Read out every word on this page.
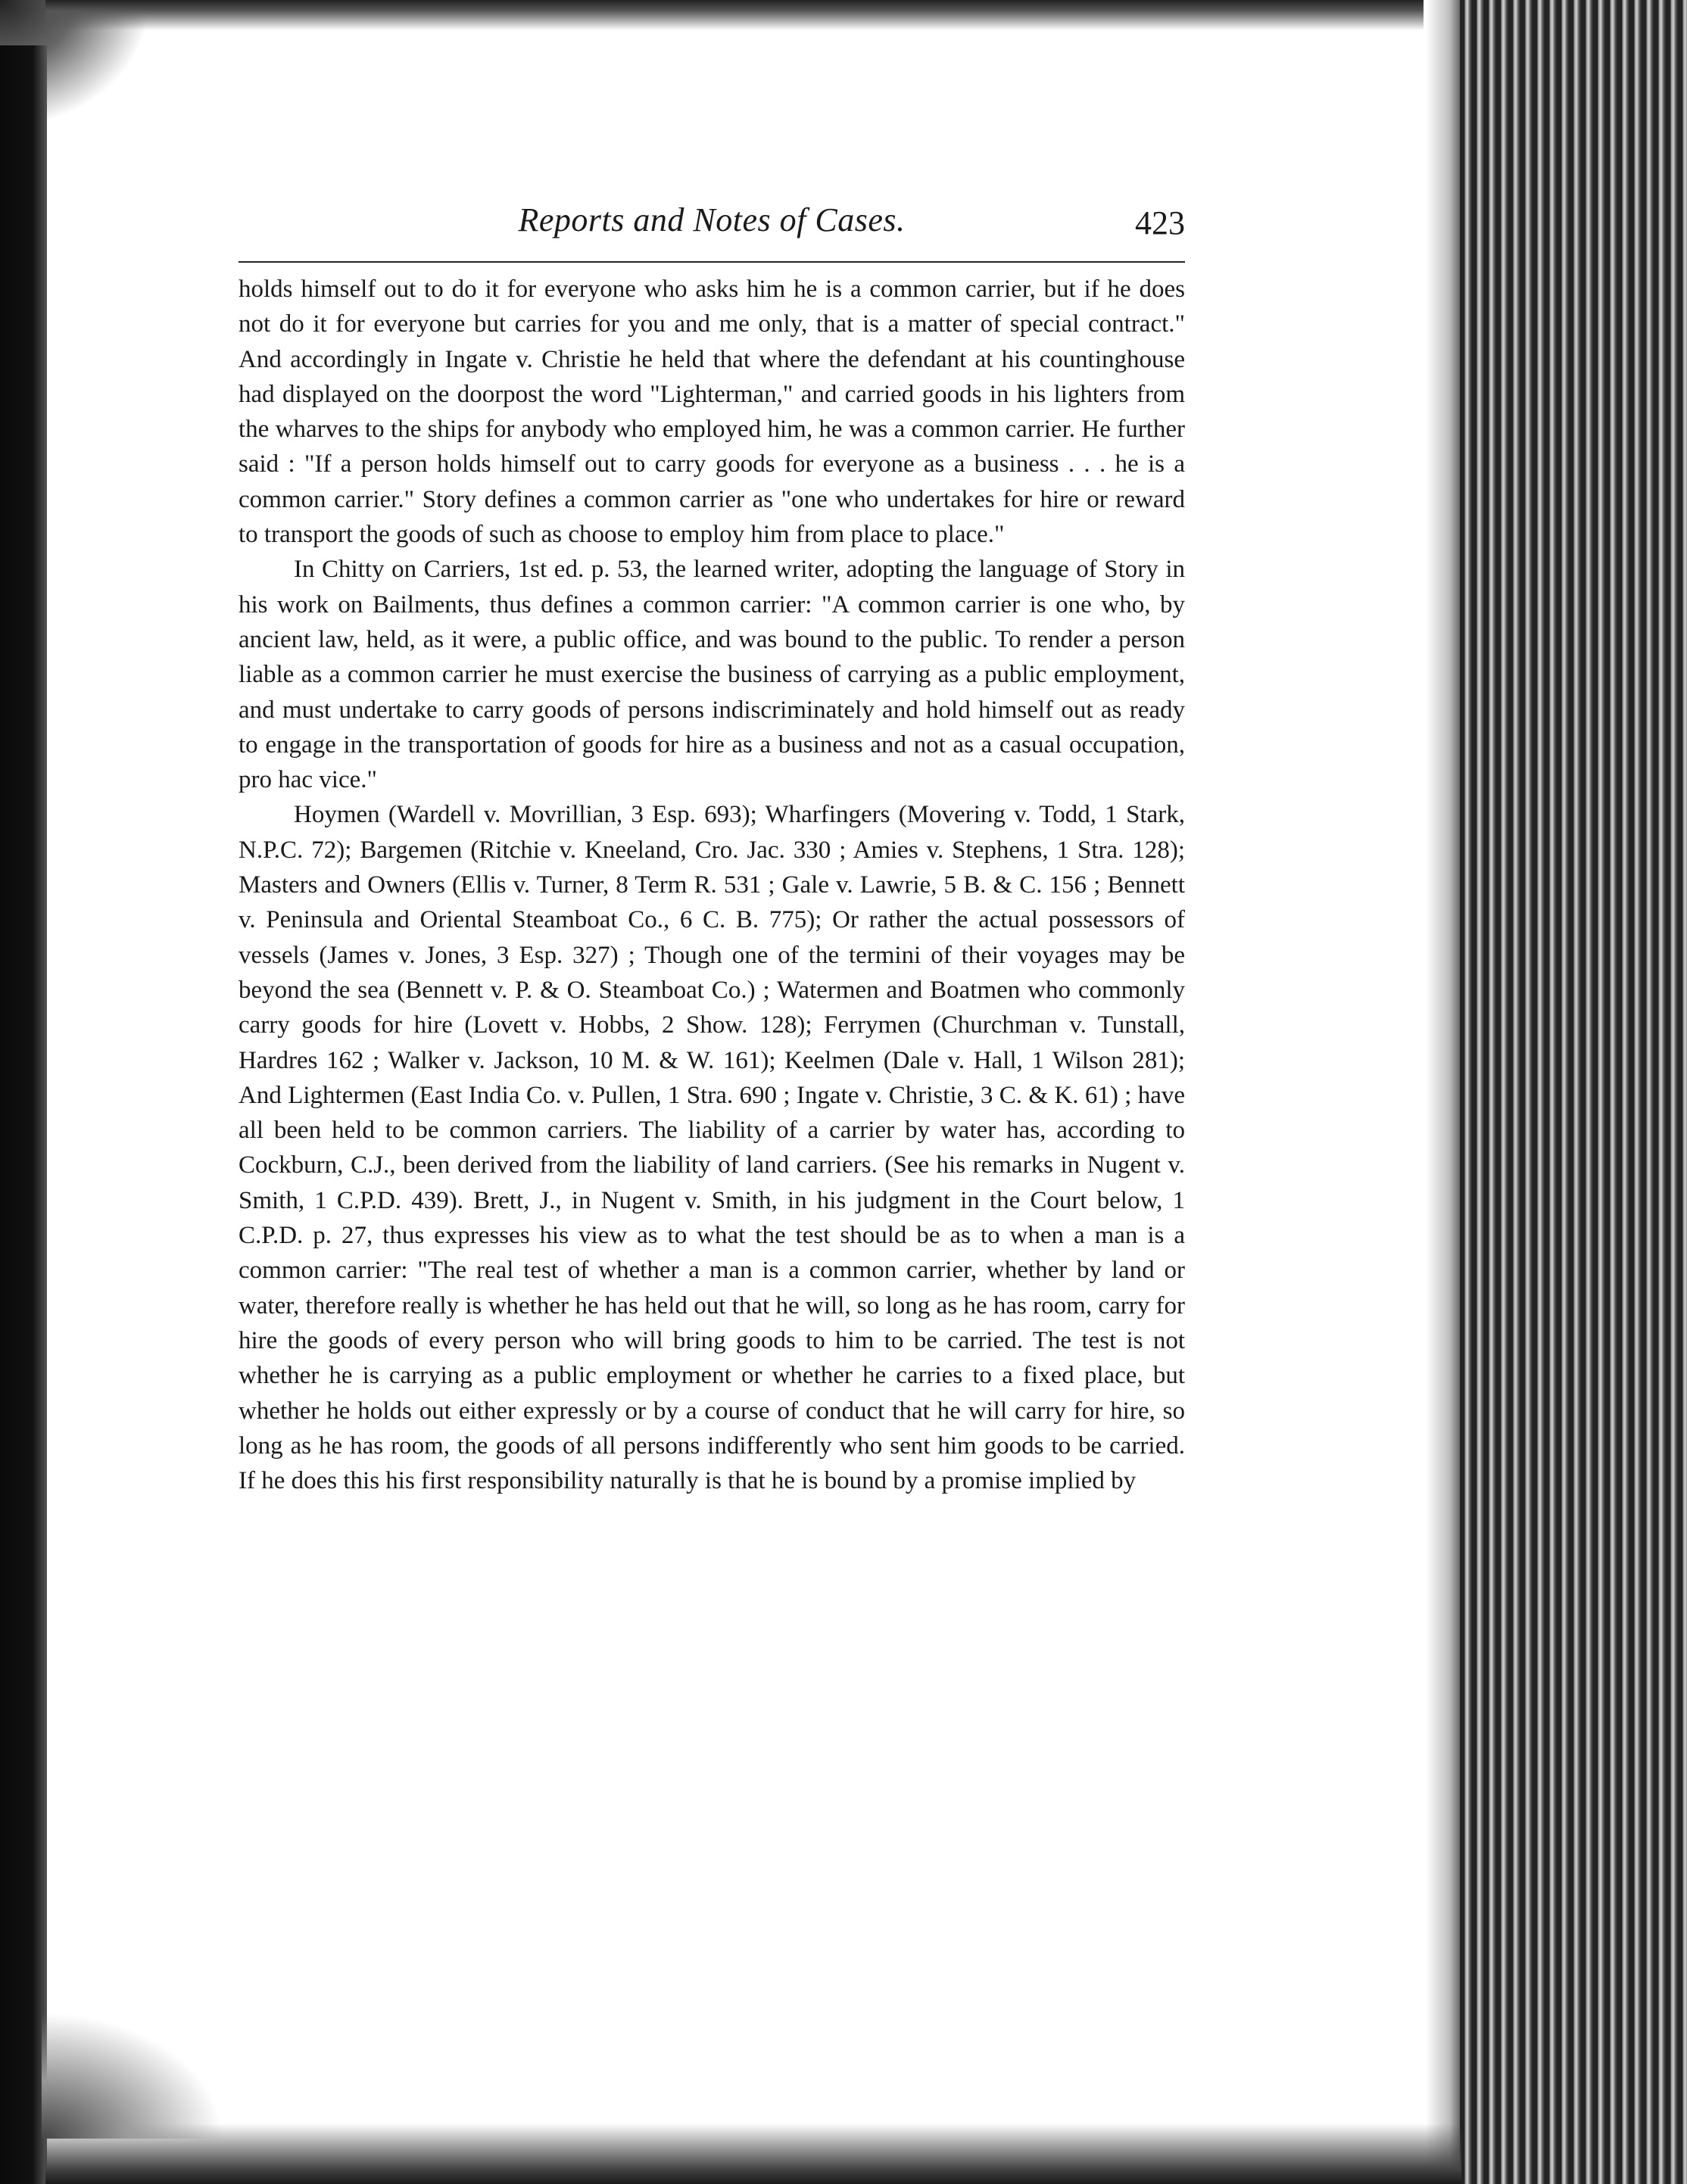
Reports and Notes of Cases.	423

holds himself out to do it for everyone who asks him he is a common carrier, but if he does not do it for everyone but carries for you and me only, that is a matter of special contract." And accordingly in Ingate v. Christie he held that where the defendant at his countinghouse had displayed on the doorpost the word "Lighterman," and carried goods in his lighters from the wharves to the ships for anybody who employed him, he was a common carrier. He further said : "If a person holds himself out to carry goods for everyone as a business . . . he is a common carrier." Story defines a common carrier as "one who undertakes for hire or reward to transport the goods of such as choose to employ him from place to place."

In Chitty on Carriers, 1st ed. p. 53, the learned writer, adopting the language of Story in his work on Bailments, thus defines a common carrier: "A common carrier is one who, by ancient law, held, as it were, a public office, and was bound to the public. To render a person liable as a common carrier he must exercise the business of carrying as a public employment, and must undertake to carry goods of persons indiscriminately and hold himself out as ready to engage in the transportation of goods for hire as a business and not as a casual occupation, pro hac vice."

Hoymen (Wardell v. Movrillian, 3 Esp. 693); Wharfingers (Movering v. Todd, 1 Stark, N.P.C. 72); Bargemen (Ritchie v. Kneeland, Cro. Jac. 330 ; Amies v. Stephens, 1 Stra. 128); Masters and Owners (Ellis v. Turner, 8 Term R. 531 ; Gale v. Lawrie, 5 B. & C. 156 ; Bennett v. Peninsula and Oriental Steamboat Co., 6 C. B. 775); Or rather the actual possessors of vessels (James v. Jones, 3 Esp. 327) ; Though one of the termini of their voyages may be beyond the sea (Bennett v. P. & O. Steamboat Co.) ; Watermen and Boatmen who commonly carry goods for hire (Lovett v. Hobbs, 2 Show. 128); Ferrymen (Churchman v. Tunstall, Hardres 162 ; Walker v. Jackson, 10 M. & W. 161); Keelmen (Dale v. Hall, 1 Wilson 281); And Lightermen (East India Co. v. Pullen, 1 Stra. 690 ; Ingate v. Christie, 3 C. & K. 61) ; have all been held to be common carriers. The liability of a carrier by water has, according to Cockburn, C.J., been derived from the liability of land carriers. (See his remarks in Nugent v. Smith, 1 C.P.D. 439). Brett, J., in Nugent v. Smith, in his judgment in the Court below, 1 C.P.D. p. 27, thus expresses his view as to what the test should be as to when a man is a common carrier: "The real test of whether a man is a common carrier, whether by land or water, therefore really is whether he has held out that he will, so long as he has room, carry for hire the goods of every person who will bring goods to him to be carried. The test is not whether he is carrying as a public employment or whether he carries to a fixed place, but whether he holds out either expressly or by a course of conduct that he will carry for hire, so long as he has room, the goods of all persons indifferently who sent him goods to be carried. If he does this his first responsibility naturally is that he is bound by a promise implied by
